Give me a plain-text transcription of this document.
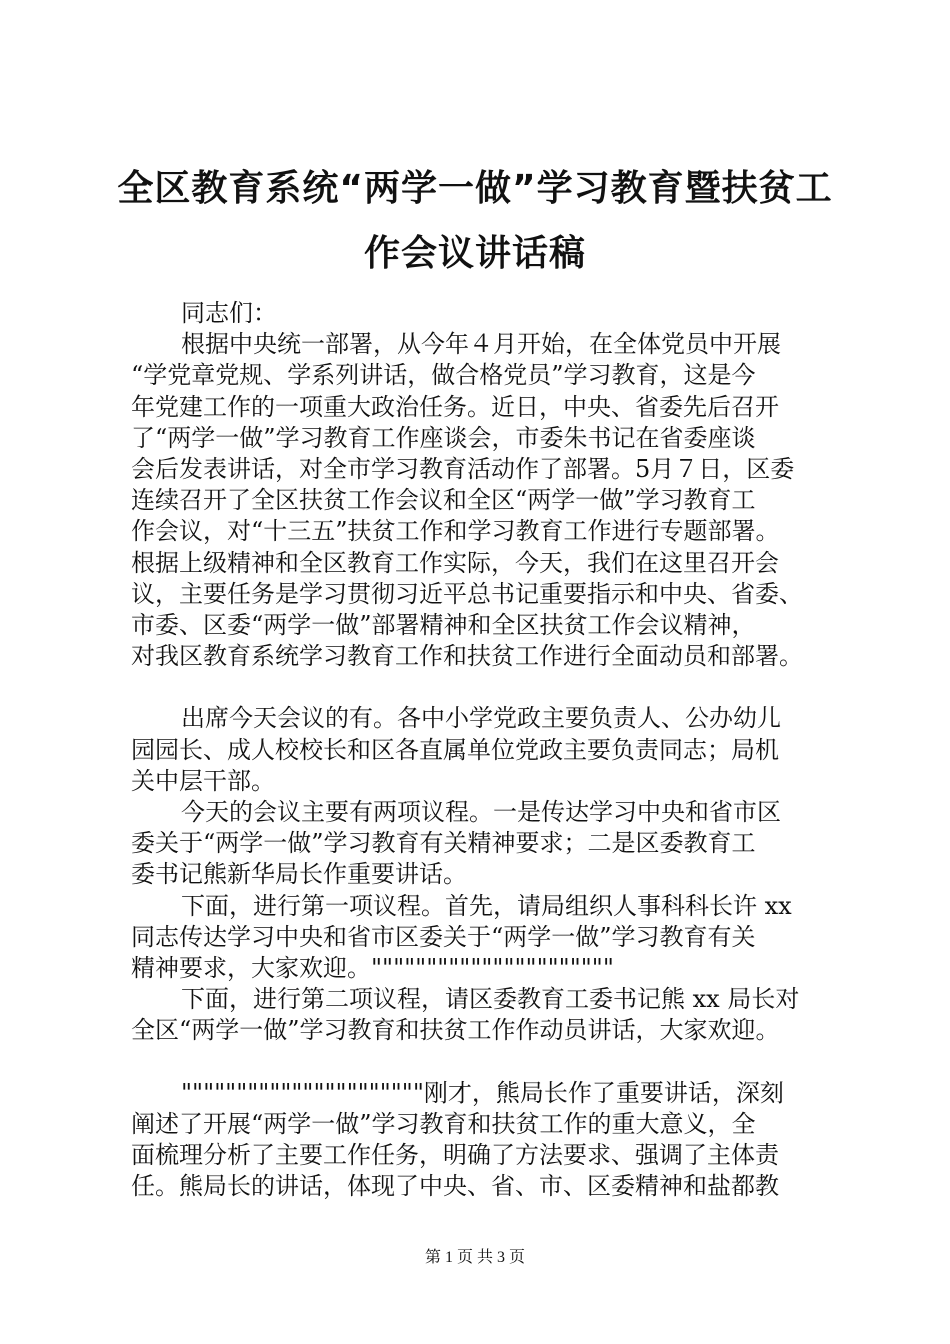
全区教育系统“两学一做”学习教育暨扶贫工
作会议讲话稿

同志们：

根据中央统一部署，从今年４月开始，在全体党员中开展
“学党章党规、学系列讲话，做合格党员”学习教育，这是今
年党建工作的一项重大政治任务。近日，中央、省委先后召开
了“两学一做”学习教育工作座谈会，市委朱书记在省委座谈
会后发表讲话，对全市学习教育活动作了部署。5月７日，区委
连续召开了全区扶贫工作会议和全区“两学一做”学习教育工
作会议，对“十三五”扶贫工作和学习教育工作进行专题部署。
根据上级精神和全区教育工作实际，今天，我们在这里召开会
议，主要任务是学习贯彻习近平总书记重要指示和中央、省委、
市委、区委“两学一做”部署精神和全区扶贫工作会议精神，
对我区教育系统学习教育工作和扶贫工作进行全面动员和部署。

出席今天会议的有。各中小学党政主要负责人、公办幼儿
园园长、成人校校长和区各直属单位党政主要负责同志；局机
关中层干部。

今天的会议主要有两项议程。一是传达学习中央和省市区
委关于“两学一做”学习教育有关精神要求；二是区委教育工
委书记熊新华局长作重要讲话。

下面，进行第一项议程。首先，请局组织人事科科长许 xx
同志传达学习中央和省市区委关于“两学一做”学习教育有关
精神要求，大家欢迎。""""""""""""""""""""""

下面，进行第二项议程，请区委教育工委书记熊 xx 局长对
全区“两学一做”学习教育和扶贫工作作动员讲话，大家欢迎。

""""""""""""""""""""""刚才，熊局长作了重要讲话，深刻
阐述了开展“两学一做”学习教育和扶贫工作的重大意义，全
面梳理分析了主要工作任务，明确了方法要求、强调了主体责
任。熊局长的讲话，体现了中央、省、市、区委精神和盐都教

第 1 页 共 3 页
